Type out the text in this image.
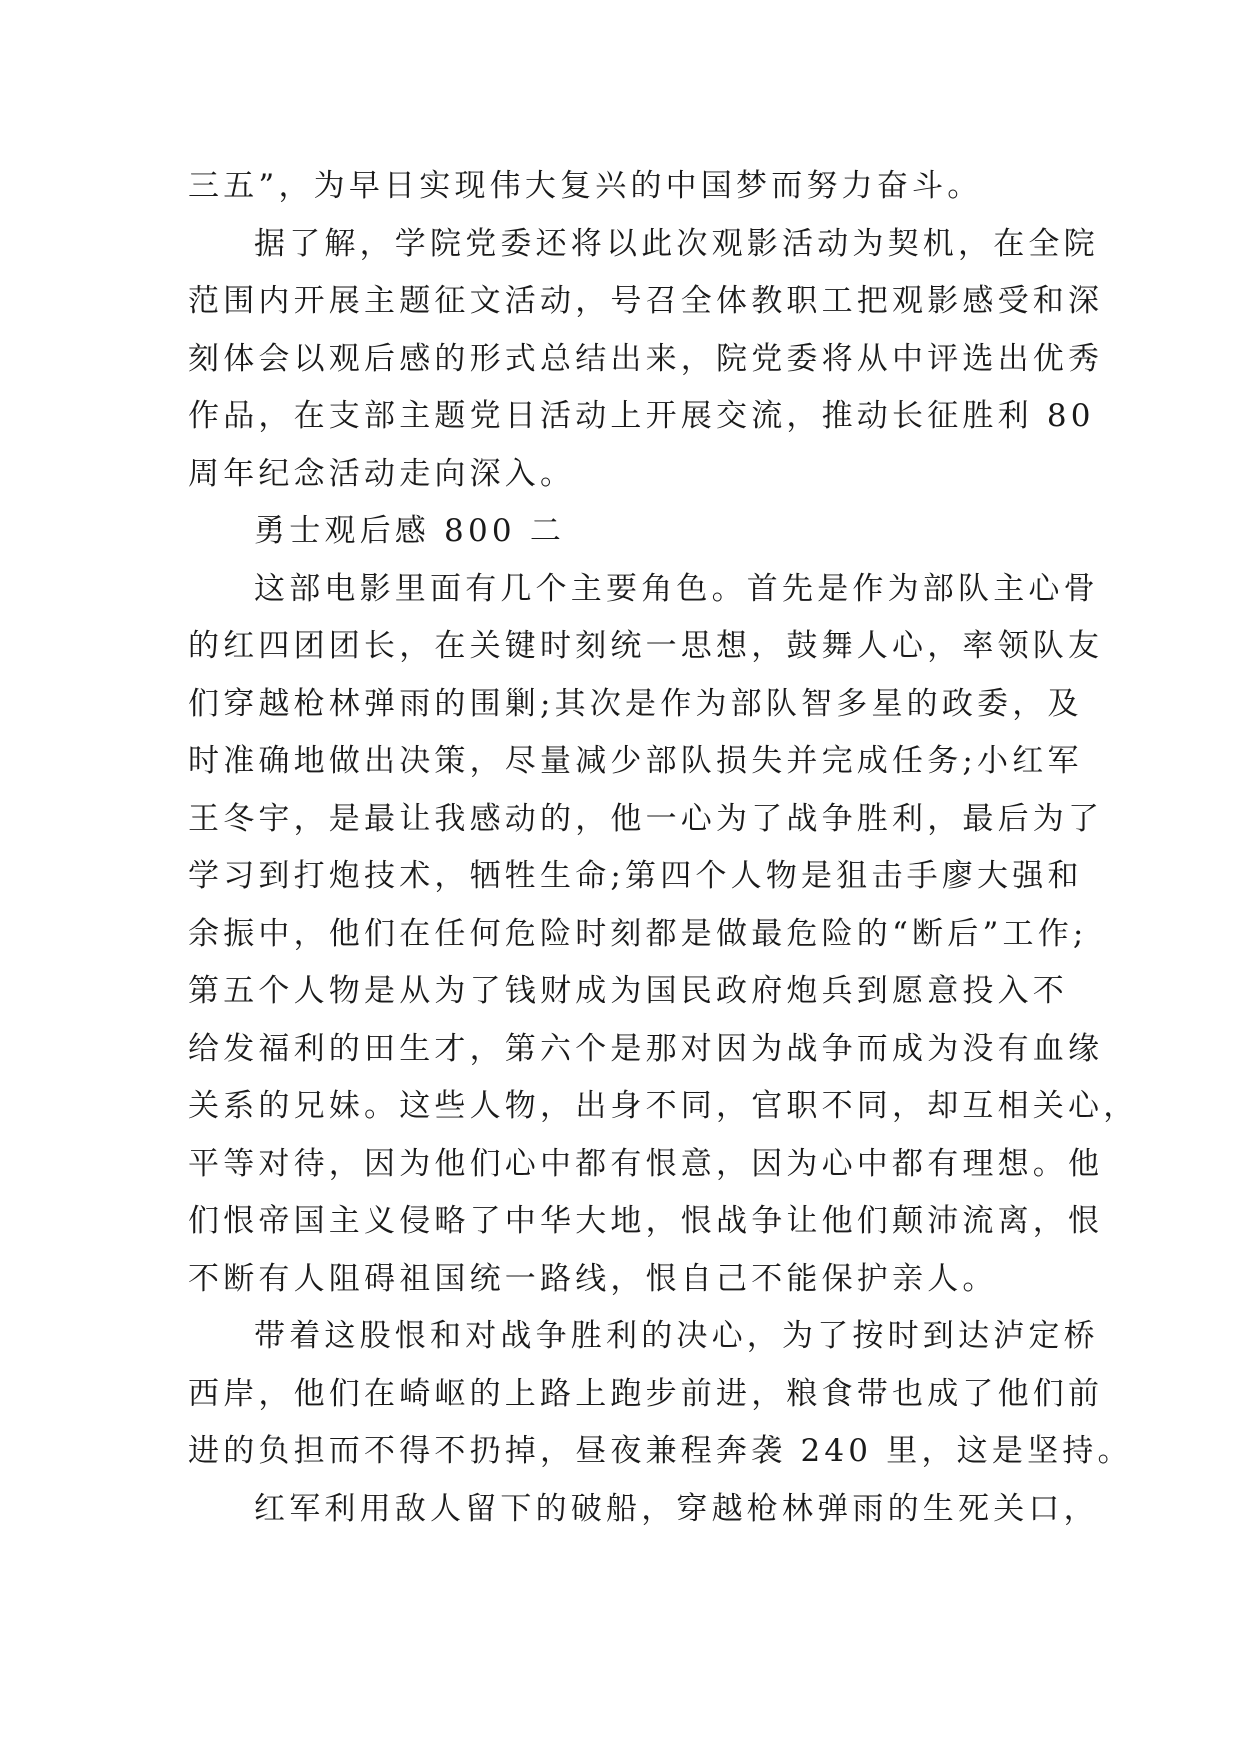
三五”，为早日实现伟大复兴的中国梦而努力奋斗。
据了解，学院党委还将以此次观影活动为契机，在全院
范围内开展主题征文活动，号召全体教职工把观影感受和深
刻体会以观后感的形式总结出来，院党委将从中评选出优秀
作品，在支部主题党日活动上开展交流，推动长征胜利 80
周年纪念活动走向深入。
勇士观后感 800 二
这部电影里面有几个主要角色。首先是作为部队主心骨
的红四团团长，在关键时刻统一思想，鼓舞人心，率领队友
们穿越枪林弹雨的围剿;其次是作为部队智多星的政委，及
时准确地做出决策，尽量减少部队损失并完成任务;小红军
王冬宇，是最让我感动的，他一心为了战争胜利，最后为了
学习到打炮技术，牺牲生命;第四个人物是狙击手廖大强和
余振中，他们在任何危险时刻都是做最危险的“断后”工作;
第五个人物是从为了钱财成为国民政府炮兵到愿意投入不
给发福利的田生才，第六个是那对因为战争而成为没有血缘
关系的兄妹。这些人物，出身不同，官职不同，却互相关心，
平等对待，因为他们心中都有恨意，因为心中都有理想。他
们恨帝国主义侵略了中华大地，恨战争让他们颠沛流离，恨
不断有人阻碍祖国统一路线，恨自己不能保护亲人。
带着这股恨和对战争胜利的决心，为了按时到达泸定桥
西岸，他们在崎岖的上路上跑步前进，粮食带也成了他们前
进的负担而不得不扔掉，昼夜兼程奔袭 240 里，这是坚持。
红军利用敌人留下的破船，穿越枪林弹雨的生死关口，
